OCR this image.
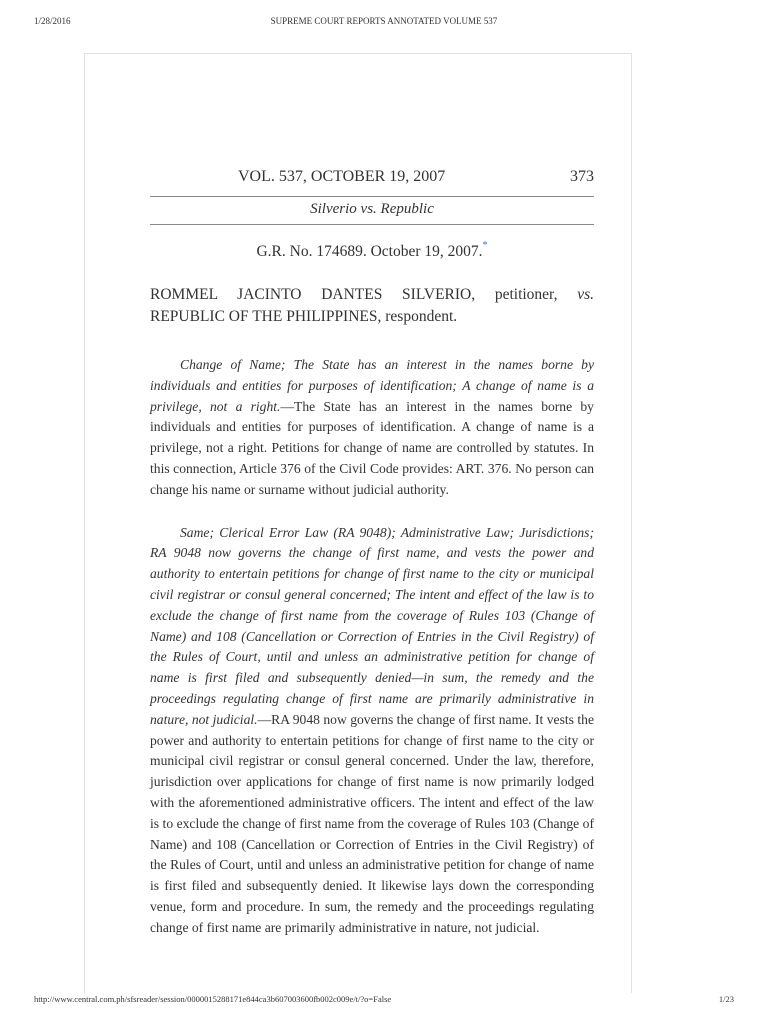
1/28/2016	SUPREME COURT REPORTS ANNOTATED VOLUME 537
VOL. 537, OCTOBER 19, 2007	373
Silverio vs. Republic
G.R. No. 174689. October 19, 2007.*
ROMMEL JACINTO DANTES SILVERIO, petitioner, vs.
REPUBLIC OF THE PHILIPPINES, respondent.

Change of Name; The State has an interest in the names borne by individuals and entities for purposes of identification; A change of name is a privilege, not a right.—The State has an interest in the names borne by individuals and entities for purposes of identification. A change of name is a privilege, not a right. Petitions for change of name are controlled by statutes. In this connection, Article 376 of the Civil Code provides: ART. 376. No person can change his name or surname without judicial authority.

Same; Clerical Error Law (RA 9048); Administrative Law; Jurisdictions; RA 9048 now governs the change of first name, and vests the power and authority to entertain petitions for change of first name to the city or municipal civil registrar or consul general concerned; The intent and effect of the law is to exclude the change of first name from the coverage of Rules 103 (Change of Name) and 108 (Cancellation or Correction of Entries in the Civil Registry) of the Rules of Court, until and unless an administrative petition for change of name is first filed and subsequently denied—in sum, the remedy and the proceedings regulating change of first name are primarily administrative in nature, not judicial.—RA 9048 now governs the change of first name. It vests the power and authority to entertain petitions for change of first name to the city or municipal civil registrar or consul general concerned. Under the law, therefore, jurisdiction over applications for change of first name is now primarily lodged with the aforementioned administrative officers. The intent and effect of the law is to exclude the change of first name from the coverage of Rules 103 (Change of Name) and 108 (Cancellation or Correction of Entries in the Civil Registry) of the Rules of Court, until and unless an administrative petition for change of name is first filed and subsequently denied. It likewise lays down the corresponding venue, form and procedure. In sum, the remedy and the proceedings regulating change of first name are primarily administrative in nature, not judicial.

http://www.central.com.ph/sfsreader/session/0000015288171e844ca3b607003600fb002c009e/t/?o=False	1/23
